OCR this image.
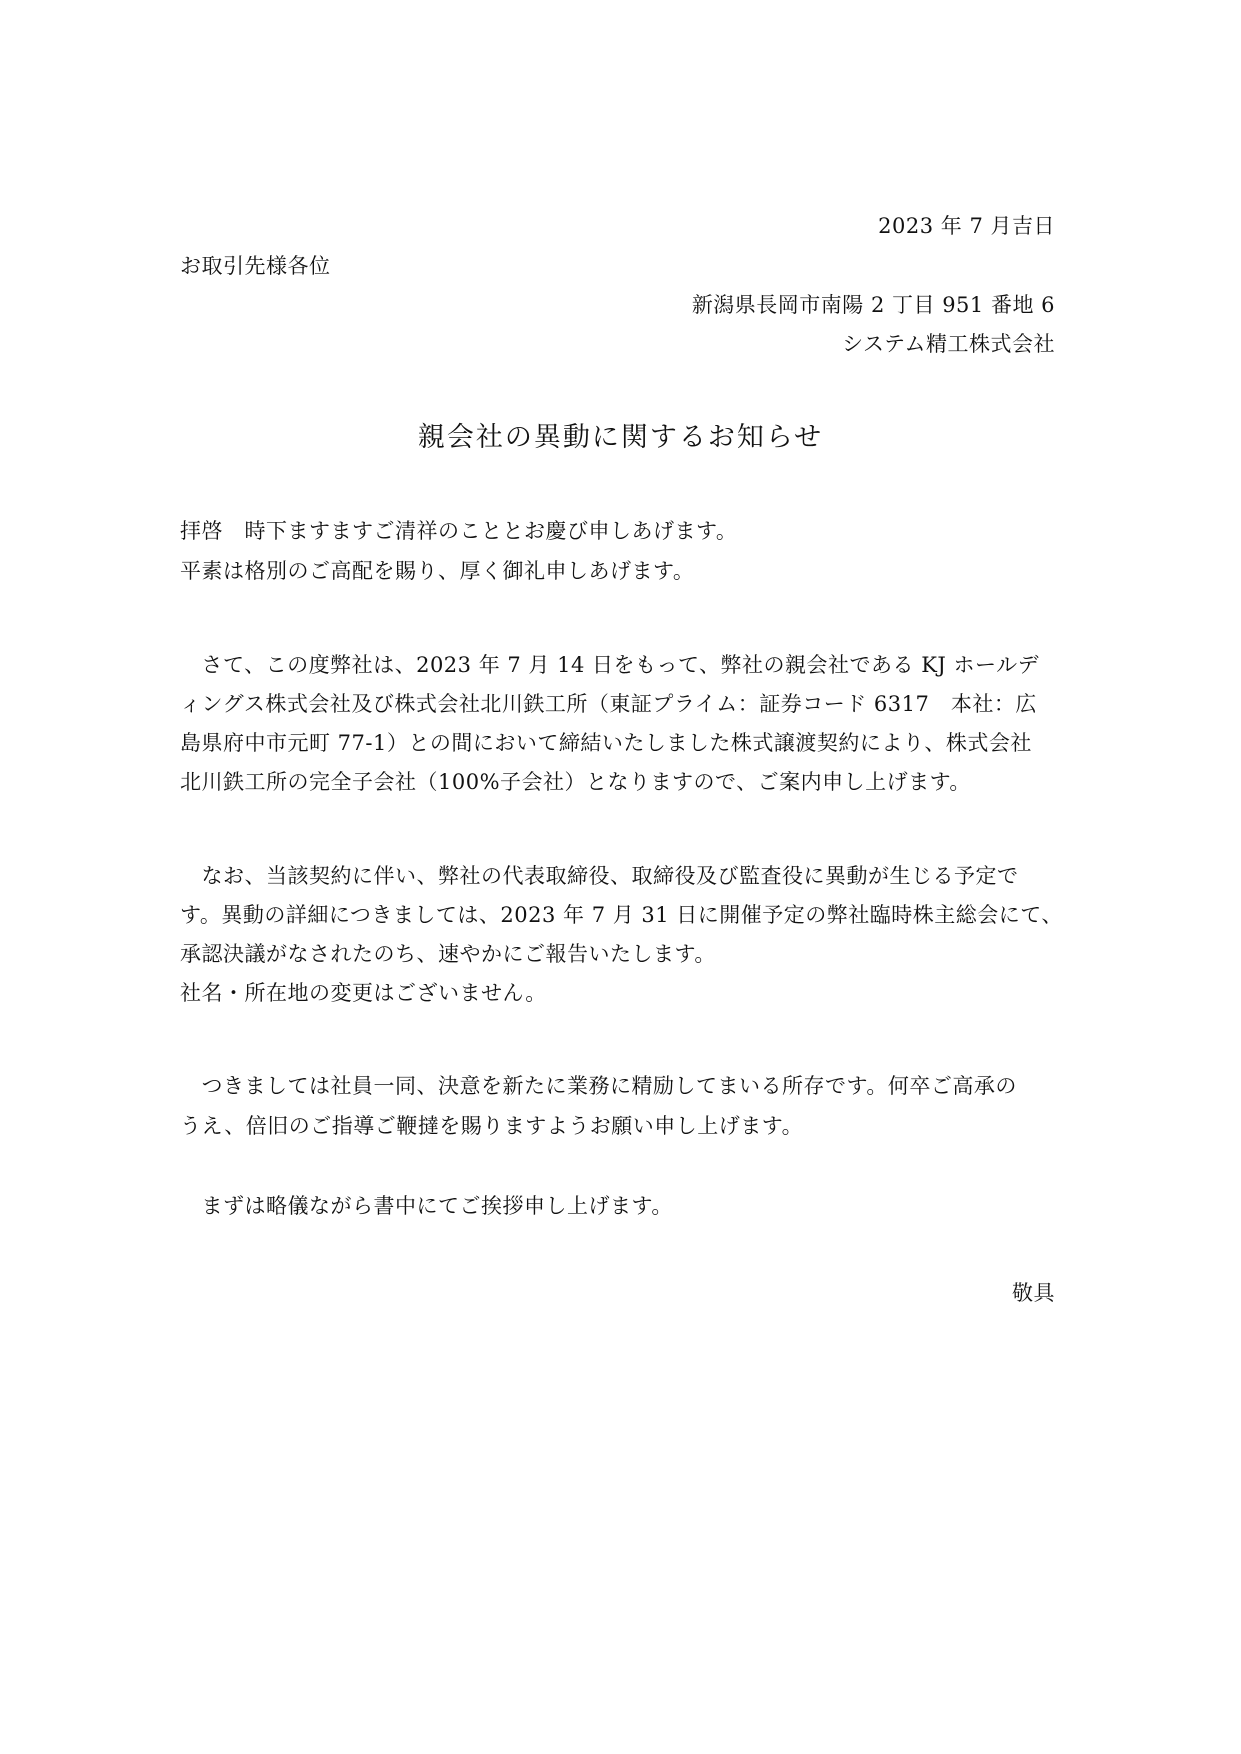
2023 年 7 月吉日
お取引先様各位
新潟県長岡市南陽 2 丁目 951 番地 6
システム精工株式会社
親会社の異動に関するお知らせ
拝啓　時下ますますご清祥のこととお慶び申しあげます。
平素は格別のご高配を賜り、厚く御礼申しあげます。
　さて、この度弊社は、2023 年 7 月 14 日をもって、弊社の親会社である KJ ホールデ
ィングス株式会社及び株式会社北川鉄工所（東証プライム：証券コード 6317　本社：広
島県府中市元町 77-1）との間において締結いたしました株式譲渡契約により、株式会社
北川鉄工所の完全子会社（100%子会社）となりますので、ご案内申し上げます。
　なお、当該契約に伴い、弊社の代表取締役、取締役及び監査役に異動が生じる予定で
す。異動の詳細につきましては、2023 年 7 月 31 日に開催予定の弊社臨時株主総会にて、
承認決議がなされたのち、速やかにご報告いたします。
社名・所在地の変更はございません。
　つきましては社員一同、決意を新たに業務に精励してまいる所存です。何卒ご高承の
うえ、倍旧のご指導ご鞭撻を賜りますようお願い申し上げます。
　まずは略儀ながら書中にてご挨拶申し上げます。
敬具
